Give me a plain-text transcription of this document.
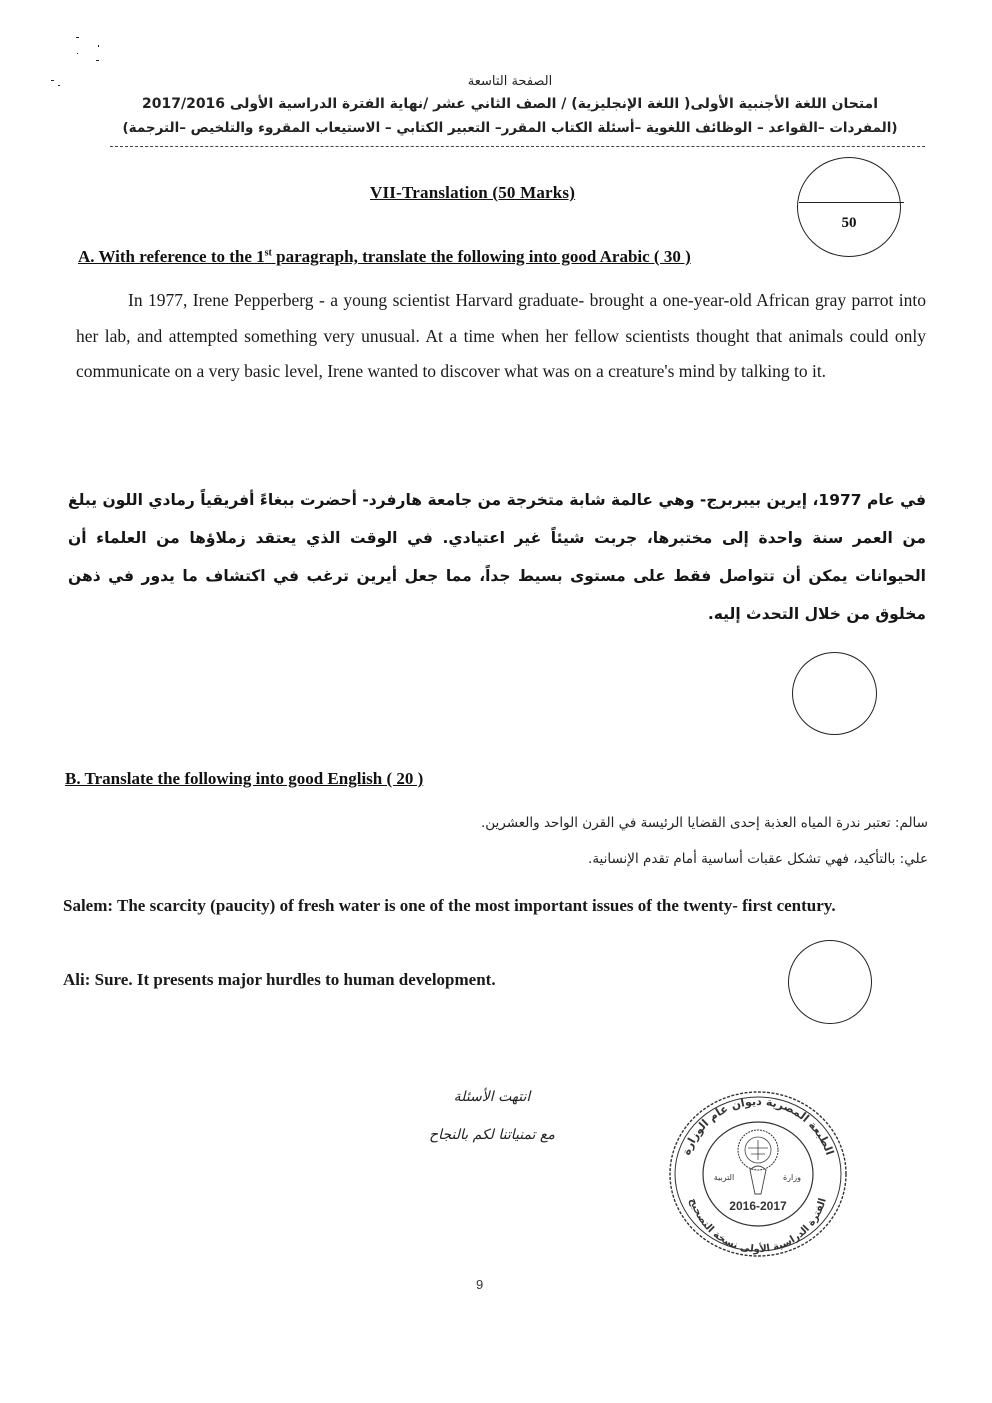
الصفحة التاسعة
امتحان اللغة الأجنبية الأولى( اللغة الإنجليزية) / الصف الثاني عشر /نهاية الفترة الدراسية الأولى 2017/2016
(المفردات –القواعد – الوظائف اللغوية –أسئلة الكتاب المقرر– التعبير الكتابي – الاستيعاب المقروء والتلخيص –الترجمة)
VII-Translation (50 Marks)
50
A. With reference to the 1st paragraph, translate the following into good Arabic ( 30 )
In 1977, Irene Pepperberg - a young scientist Harvard graduate- brought a one-year-old African gray parrot into her lab, and attempted something very unusual. At a time when her fellow scientists thought that animals could only communicate on a very basic level, Irene wanted to discover what was on a creature's mind by talking to it.
في عام 1977، إيرين بيبربرج- وهي عالمة شابة متخرجة من جامعة هارفرد- أحضرت ببغاءً أفريقياً رمادي اللون يبلغ من العمر سنة واحدة إلى مختبرها، جربت شيئاً غير اعتيادي. في الوقت الذي يعتقد زملاؤها من العلماء أن الحيوانات يمكن أن تتواصل فقط على مستوى بسيط جداً، مما جعل أيرين ترغب في اكتشاف ما يدور في ذهن مخلوق من خلال التحدث إليه.
B. Translate the following into good English ( 20 )
سالم: تعتبر ندرة المياه العذبة إحدى القضايا الرئيسة في القرن الواحد والعشرين.
علي: بالتأكيد، فهي تشكل عقبات أساسية أمام تقدم الإنسانية.
Salem: The scarcity (paucity) of fresh water is one of the most important issues of the twenty- first century.
Ali: Sure. It presents major hurdles to human development.
انتهت الأسئلة
مع تمنياتنا لكم بالنجاح
الطبعة المصرية ديوان عام الوزارة
الفترة الدراسية الأولى نسخة التصحيح
التربية	وزارة
2016-2017
9
